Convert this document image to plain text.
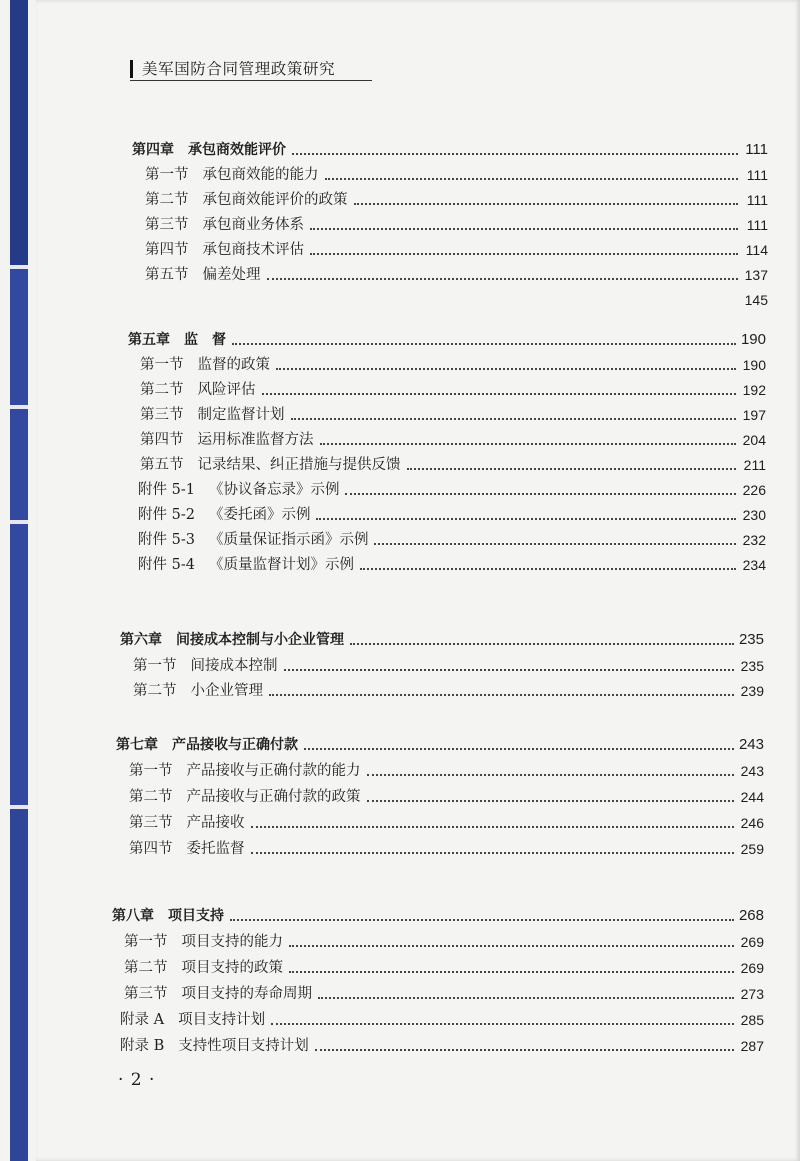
美军国防合同管理政策研究
第四章 承包商效能评价	111
第一节 承包商效能的能力	111
第二节 承包商效能评价的政策	111
第三节 承包商业务体系	111
第四节 承包商技术评估	114
第五节 偏差处理	137
145
第五章 监　督	190
第一节 监督的政策	190
第二节 风险评估	192
第三节 制定监督计划	197
第四节 运用标准监督方法	204
第五节 记录结果、纠正措施与提供反馈	211
附件 5-1 《协议备忘录》示例	226
附件 5-2 《委托函》示例	230
附件 5-3 《质量保证指示函》示例	232
附件 5-4 《质量监督计划》示例	234
第六章 间接成本控制与小企业管理	235
第一节 间接成本控制	235
第二节 小企业管理	239
第七章 产品接收与正确付款	243
第一节 产品接收与正确付款的能力	243
第二节 产品接收与正确付款的政策	244
第三节 产品接收	246
第四节 委托监督	259
第八章 项目支持	268
第一节 项目支持的能力	269
第二节 项目支持的政策	269
第三节 项目支持的寿命周期	273
附录 A 项目支持计划	285
附录 B 支持性项目支持计划	287
· 2 ·
